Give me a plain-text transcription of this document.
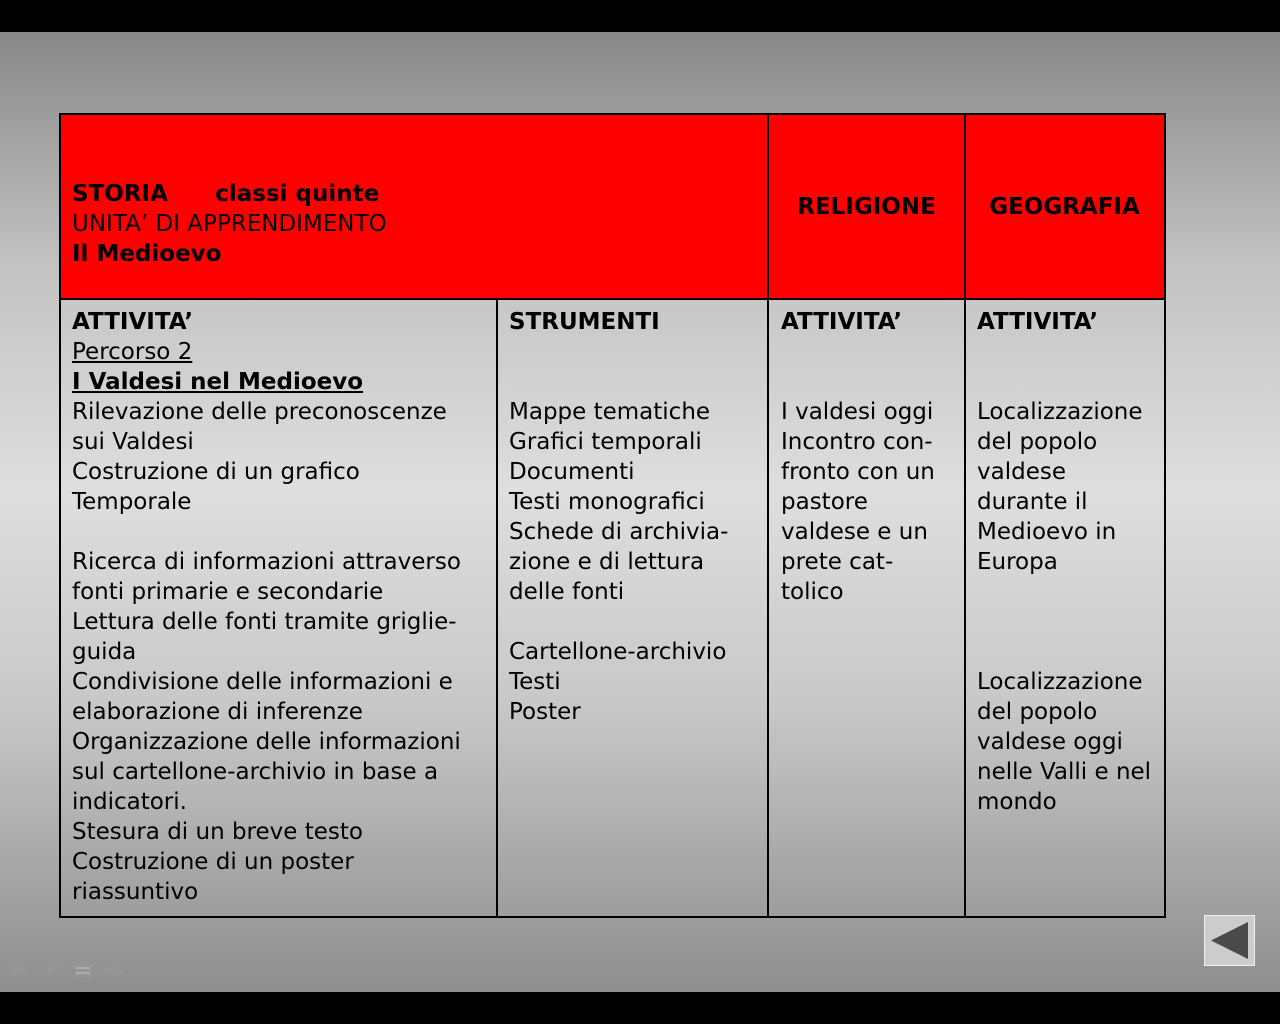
STORIA classi quinte
UNITA’ DI APPRENDIMENTO
Il Medioevo
RELIGIONE	GEOGRAFIA
ATTIVITA’
Percorso 2
I Valdesi nel Medioevo
Rilevazione delle preconoscenze
sui Valdesi
Costruzione di un grafico
Temporale
Ricerca di informazioni attraverso
fonti primarie e secondarie
Lettura delle fonti tramite griglie-
guida
Condivisione delle informazioni e
elaborazione di inferenze
Organizzazione delle informazioni
sul cartellone-archivio in base a
indicatori.
Stesura di un breve testo
Costruzione di un poster
riassuntivo
STRUMENTI
Mappe tematiche
Grafici temporali
Documenti
Testi monografici
Schede di archivia-
zione e di lettura
delle fonti
Cartellone-archivio
Testi
Poster
ATTIVITA’
I valdesi oggi
Incontro con-
fronto con un
pastore
valdese e un
prete cat-
tolico
ATTIVITA’
Localizzazione
del popolo
valdese
durante il
Medioevo in
Europa
Localizzazione
del popolo
valdese oggi
nelle Valli e nel
mondo
